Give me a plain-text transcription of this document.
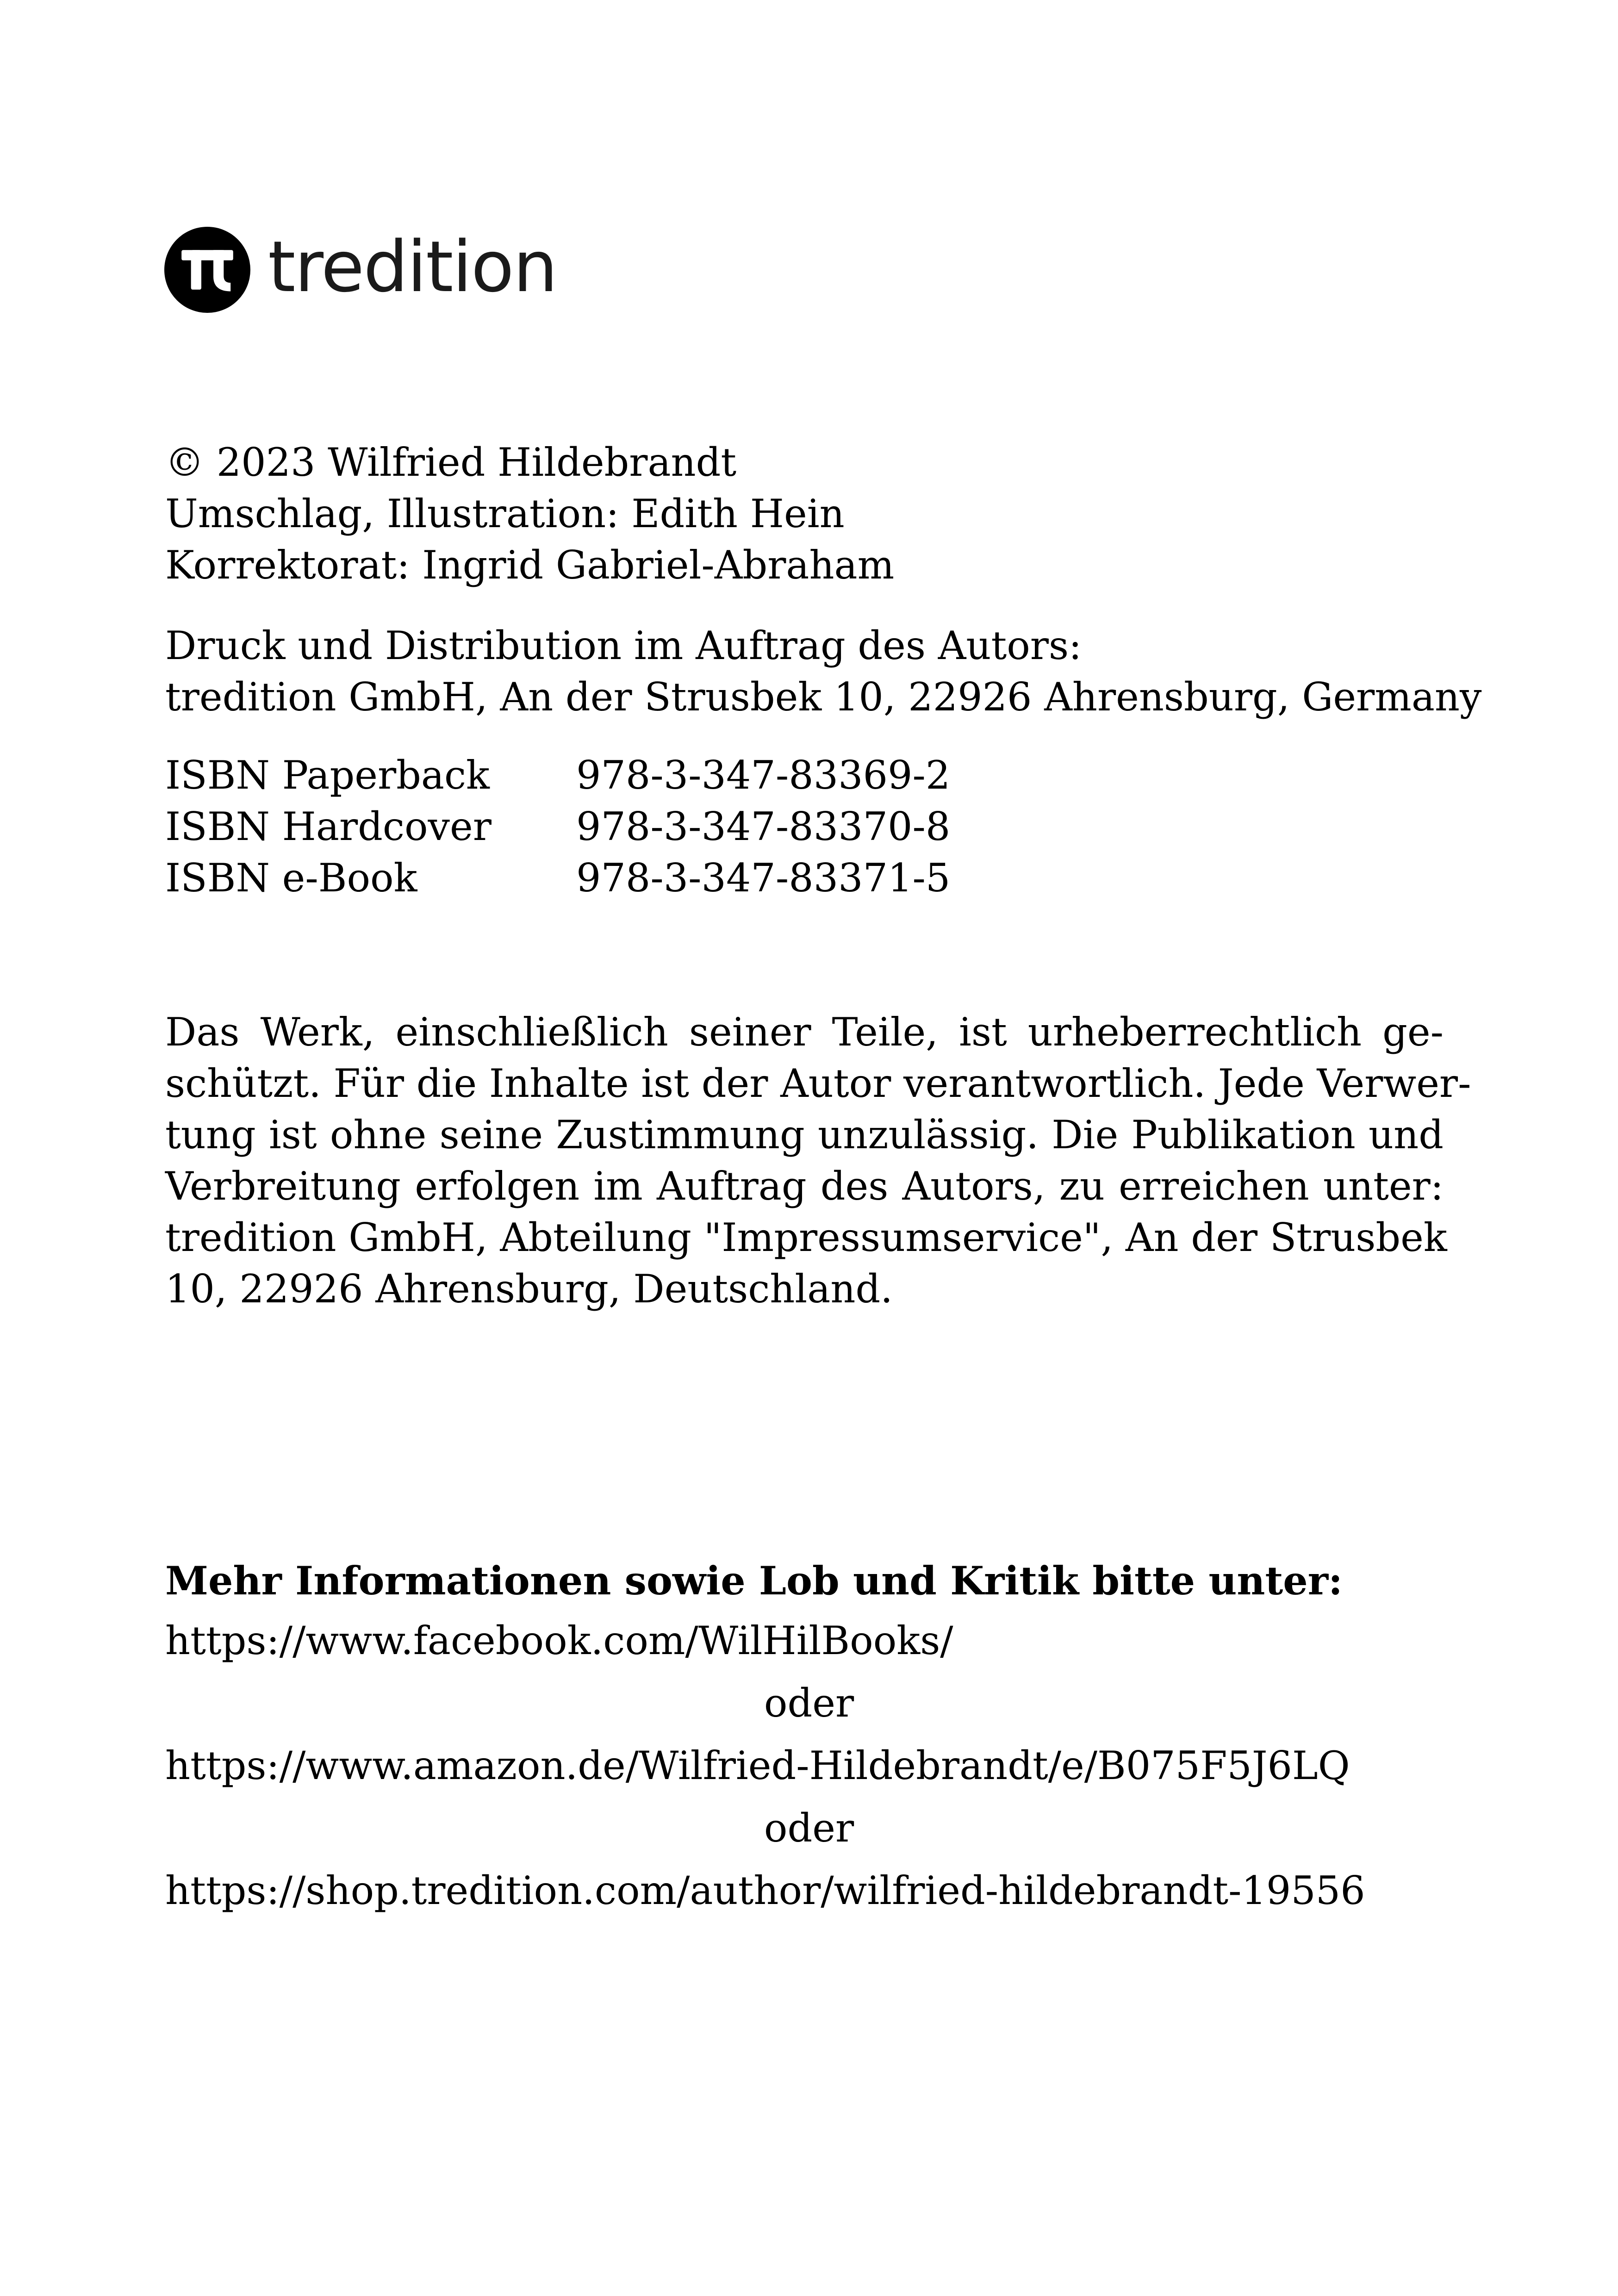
tredition
© 2023 Wilfried Hildebrandt
Umschlag, Illustration: Edith Hein
Korrektorat: Ingrid Gabriel-Abraham
Druck und Distribution im Auftrag des Autors:
tredition GmbH, An der Strusbek 10, 22926 Ahrensburg, Germany
ISBN Paperback	978-3-347-83369-2
ISBN Hardcover	978-3-347-83370-8
ISBN e-Book	978-3-347-83371-5
Das Werk, einschließlich seiner Teile, ist urheberrechtlich ge-
schützt. Für die Inhalte ist der Autor verantwortlich. Jede Verwer-
tung ist ohne seine Zustimmung unzulässig. Die Publikation und
Verbreitung erfolgen im Auftrag des Autors, zu erreichen unter:
tredition GmbH, Abteilung "Impressumservice", An der Strusbek
10, 22926 Ahrensburg, Deutschland.
Mehr Informationen sowie Lob und Kritik bitte unter:
https://www.facebook.com/WilHilBooks/
oder
https://www.amazon.de/Wilfried-Hildebrandt/e/B075F5J6LQ
oder
https://shop.tredition.com/author/wilfried-hildebrandt-19556
